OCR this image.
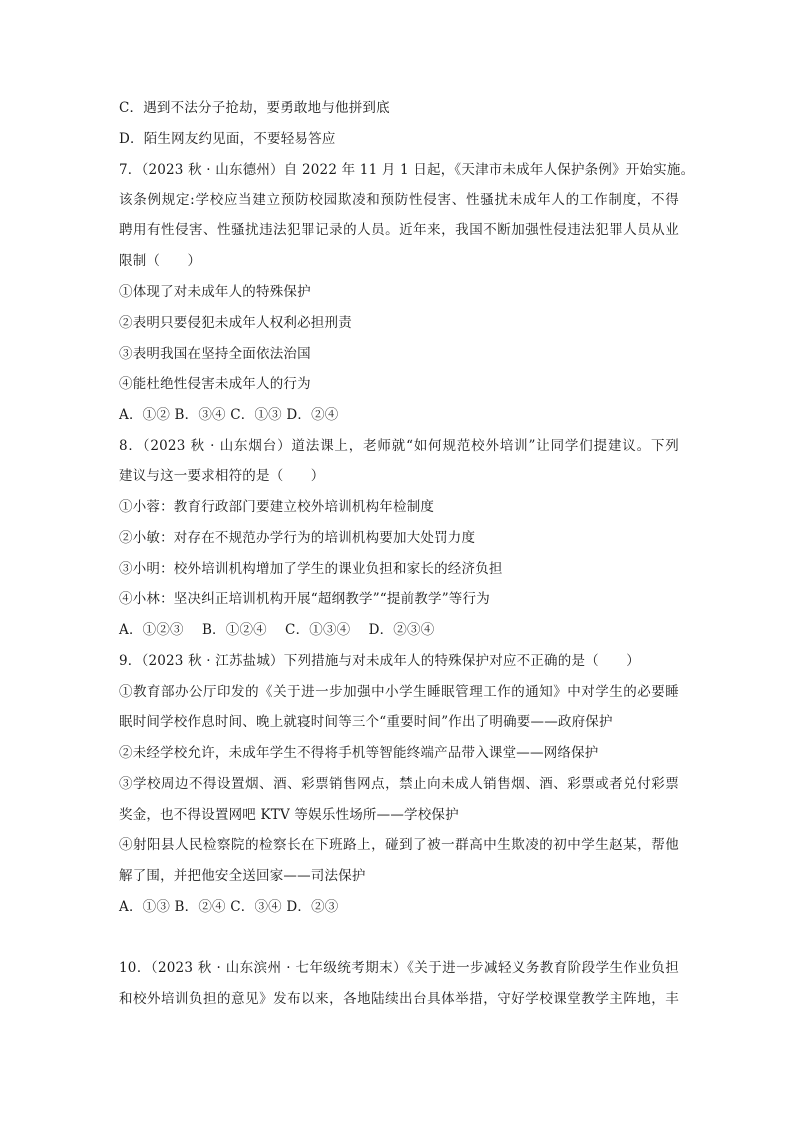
C．遇到不法分子抢劫，要勇敢地与他拼到底
D．陌生网友约见面，不要轻易答应
7．（2023 秋 · 山东德州）自 2022 年 11 月 1 日起，《天津市未成年人保护条例》开始实施。
该条例规定:学校应当建立预防校园欺凌和预防性侵害、性骚扰未成年人的工作制度，不得
聘用有性侵害、性骚扰违法犯罪记录的人员。近年来，我国不断加强性侵违法犯罪人员从业
限制（　　）
①体现了对未成年人的特殊保护
②表明只要侵犯未成年人权利必担刑责
③表明我国在坚持全面依法治国
④能杜绝性侵害未成年人的行为
A．①② B．③④ C．①③ D．②④
8．（2023 秋 · 山东烟台）道法课上，老师就“如何规范校外培训”让同学们提建议。下列
建议与这一要求相符的是（　　）
①小蓉：教育行政部门要建立校外培训机构年检制度
②小敏：对存在不规范办学行为的培训机构要加大处罚力度
③小明：校外培训机构增加了学生的课业负担和家长的经济负担
④小林：坚决纠正培训机构开展“超纲教学”“提前教学”等行为
A．①②③　 B．①②④　 C．①③④　 D．②③④
9．（2023 秋 · 江苏盐城）下列措施与对未成年人的特殊保护对应不正确的是（　　）
①教育部办公厅印发的《关于进一步加强中小学生睡眠管理工作的通知》中对学生的必要睡
眠时间学校作息时间、晚上就寝时间等三个“重要时间”作出了明确要——政府保护
②未经学校允许，未成年学生不得将手机等智能终端产品带入课堂——网络保护
③学校周边不得设置烟、酒、彩票销售网点，禁止向未成人销售烟、酒、彩票或者兑付彩票
奖金，也不得设置网吧 KTV 等娱乐性场所——学校保护
④射阳县人民检察院的检察长在下班路上，碰到了被一群高中生欺凌的初中学生赵某，帮他
解了围，并把他安全送回家——司法保护
A．①③ B．②④ C．③④ D．②③
10．（2023 秋 · 山东滨州 · 七年级统考期末）《关于进一步减轻义务教育阶段学生作业负担
和校外培训负担的意见》发布以来，各地陆续出台具体举措，守好学校课堂教学主阵地，丰
